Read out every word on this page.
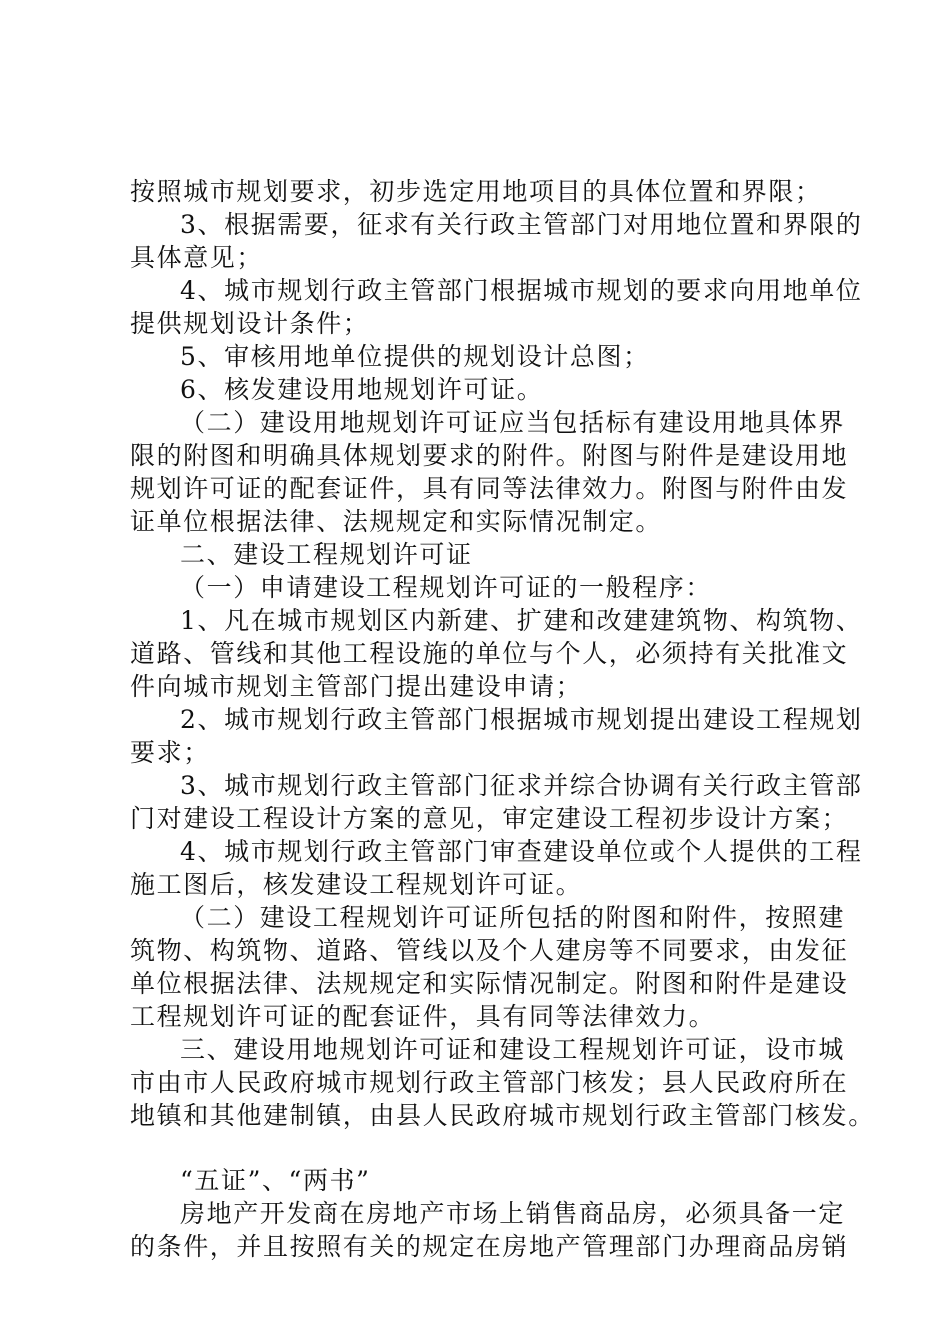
按照城市规划要求，初步选定用地项目的具体位置和界限；

3、根据需要，征求有关行政主管部门对用地位置和界限的

具体意见；

4、城市规划行政主管部门根据城市规划的要求向用地单位

提供规划设计条件；

5、审核用地单位提供的规划设计总图；

6、核发建设用地规划许可证。

（二）建设用地规划许可证应当包括标有建设用地具体界

限的附图和明确具体规划要求的附件。附图与附件是建设用地

规划许可证的配套证件，具有同等法律效力。附图与附件由发

证单位根据法律、法规规定和实际情况制定。

二、建设工程规划许可证

（一）申请建设工程规划许可证的一般程序：

1、凡在城市规划区内新建、扩建和改建建筑物、构筑物、

道路、管线和其他工程设施的单位与个人，必须持有关批准文

件向城市规划主管部门提出建设申请；

2、城市规划行政主管部门根据城市规划提出建设工程规划

要求；

3、城市规划行政主管部门征求并综合协调有关行政主管部

门对建设工程设计方案的意见，审定建设工程初步设计方案；

4、城市规划行政主管部门审查建设单位或个人提供的工程

施工图后，核发建设工程规划许可证。

（二）建设工程规划许可证所包括的附图和附件，按照建

筑物、构筑物、道路、管线以及个人建房等不同要求，由发征

单位根据法律、法规规定和实际情况制定。附图和附件是建设

工程规划许可证的配套证件，具有同等法律效力。

三、建设用地规划许可证和建设工程规划许可证，设市城

市由市人民政府城市规划行政主管部门核发；县人民政府所在

地镇和其他建制镇，由县人民政府城市规划行政主管部门核发。

“五证”、“两书”

房地产开发商在房地产市场上销售商品房，必须具备一定

的条件，并且按照有关的规定在房地产管理部门办理商品房销
